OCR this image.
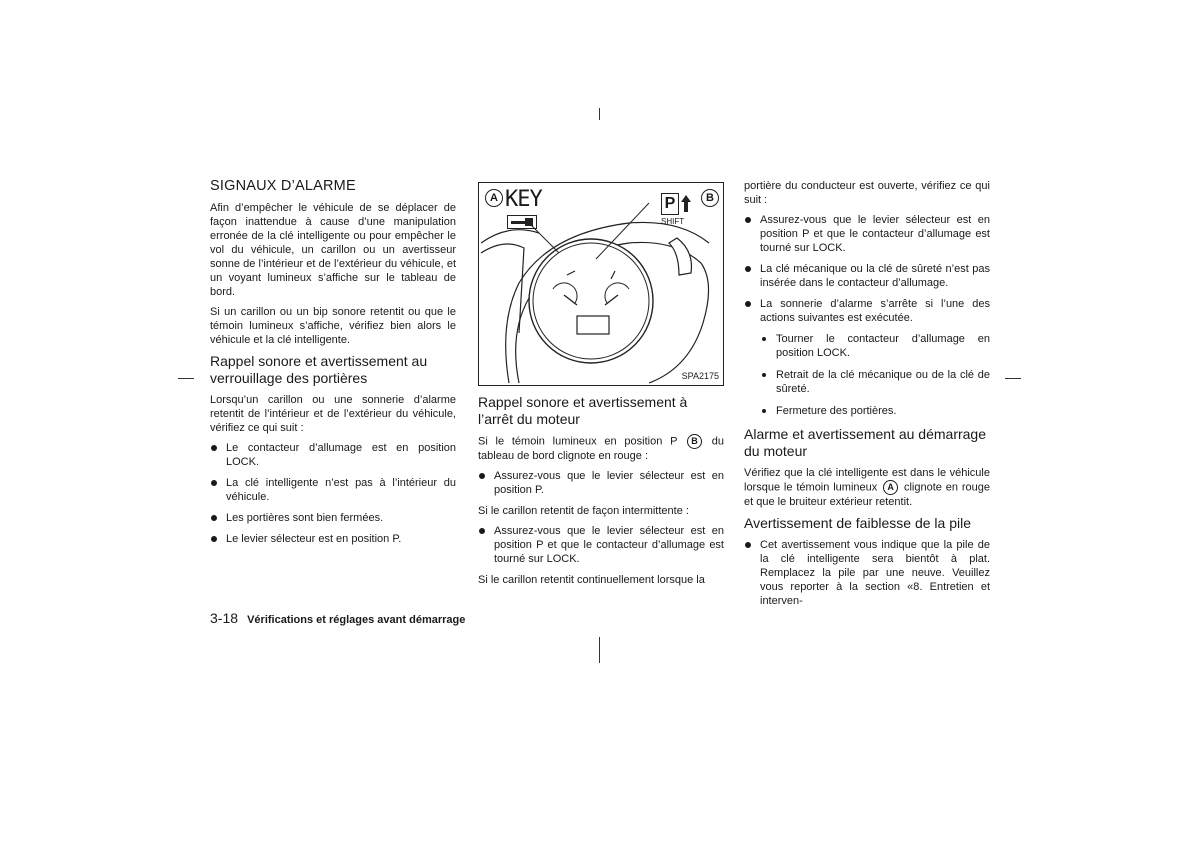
SIGNAUX D’ALARME

Afin d’empêcher le véhicule de se déplacer de façon inattendue à cause d’une manipulation erronée de la clé intelligente ou pour empêcher le vol du véhicule, un carillon ou un avertisseur sonne de l’intérieur et de l’extérieur du véhicule, et un voyant lumineux s’affiche sur le tableau de bord.

Si un carillon ou un bip sonore retentit ou que le témoin lumineux s’affiche, vérifiez bien alors le véhicule et la clé intelligente.

Rappel sonore et avertissement au verrouillage des portières

Lorsqu’un carillon ou une sonnerie d’alarme retentit de l’intérieur et de l’extérieur du véhicule, vérifiez ce qui suit :

Le contacteur d’allumage est en position LOCK.
La clé intelligente n’est pas à l’intérieur du véhicule.
Les portières sont bien fermées.
Le levier sélecteur est en position P.
A KEY	P
SHIFT
B
SPA2175
Rappel sonore et avertissement à l’arrêt du moteur

Si le témoin lumineux en position P B du tableau de bord clignote en rouge :

Assurez-vous que le levier sélecteur est en position P.

Si le carillon retentit de façon intermittente :

Assurez-vous que le levier sélecteur est en position P et que le contacteur d’allumage est tourné sur LOCK.

Si le carillon retentit continuellement lorsque la

portière du conducteur est ouverte, vérifiez ce qui suit :

Assurez-vous que le levier sélecteur est en position P et que le contacteur d’allumage est tourné sur LOCK.
La clé mécanique ou la clé de sûreté n’est pas insérée dans le contacteur d’allumage.
La sonnerie d’alarme s’arrête si l’une des actions suivantes est exécutée.
Tourner le contacteur d’allumage en position LOCK.
Retrait de la clé mécanique ou de la clé de sûreté.
Fermeture des portières.
Alarme et avertissement au démarrage du moteur

Vérifiez que la clé intelligente est dans le véhicule lorsque le témoin lumineux A clignote en rouge et que le bruiteur extérieur retentit.

Avertissement de faiblesse de la pile
Cet avertissement vous indique que la pile de la clé intelligente sera bientôt à plat. Remplacez la pile par une neuve. Veuillez vous reporter à la section «8. Entretien et interven-
3-18 Vérifications et réglages avant démarrage
